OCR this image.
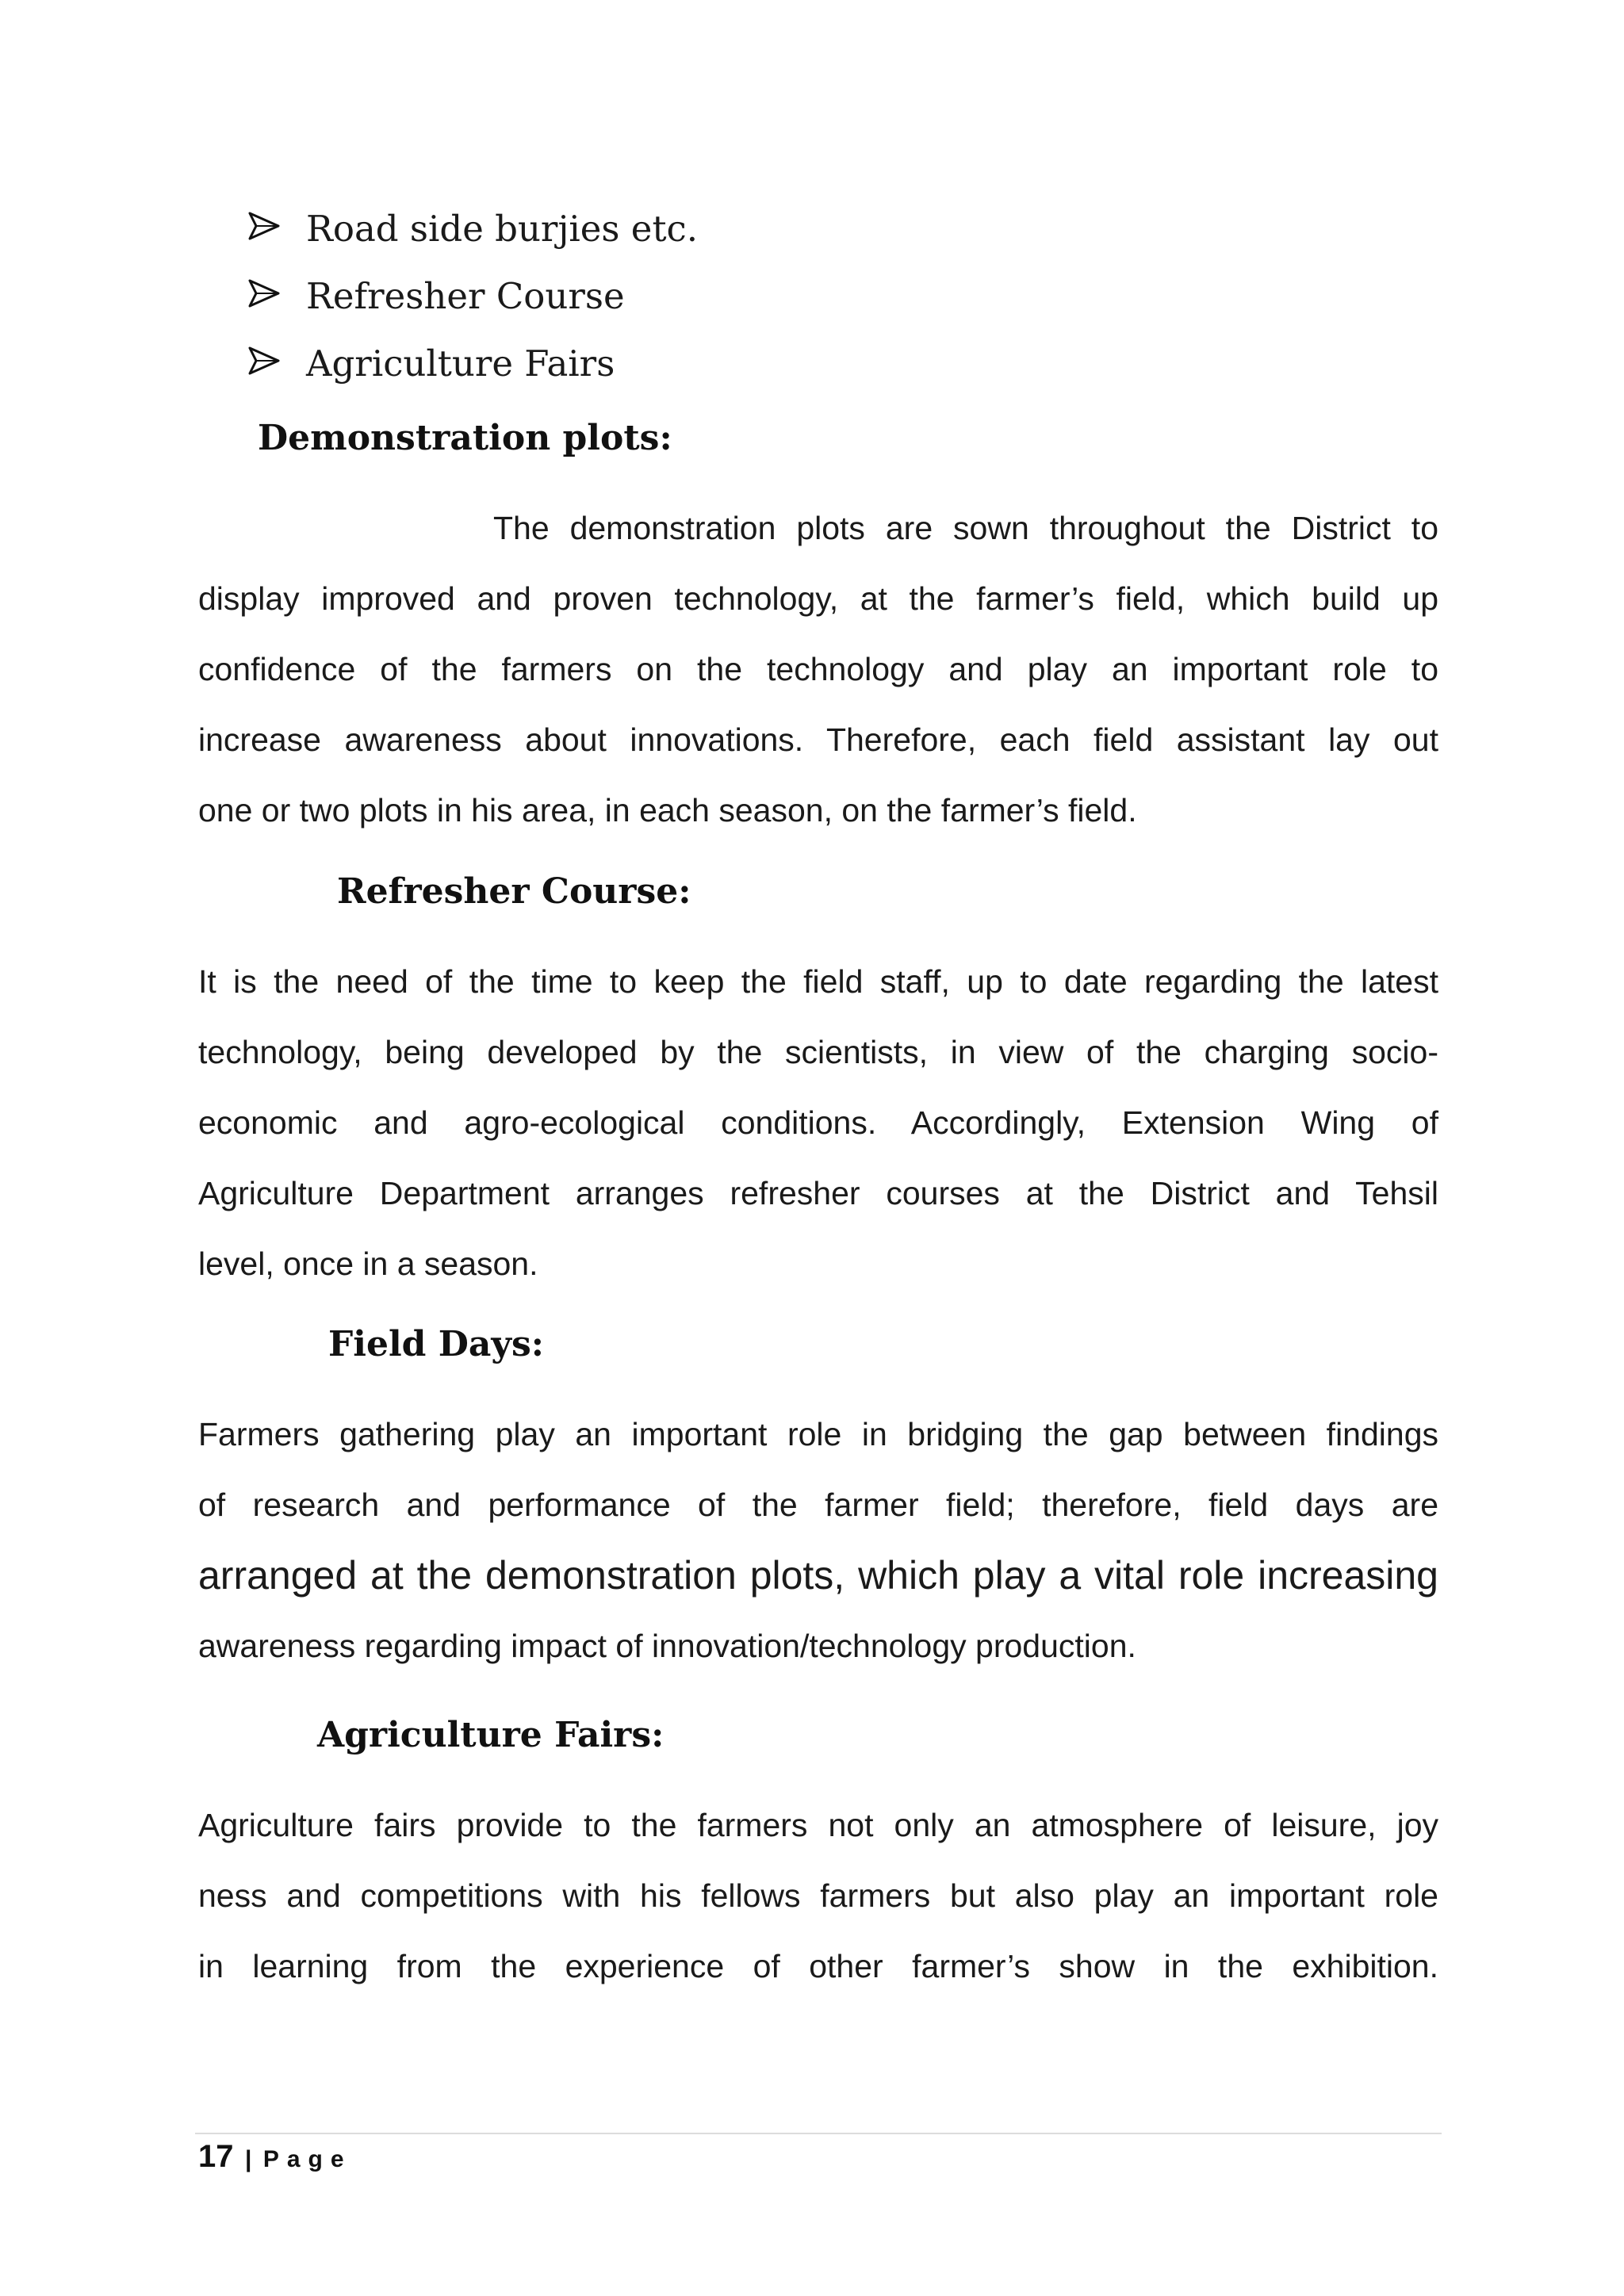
Road side burjies etc.
Refresher Course
Agriculture Fairs
Demonstration plots:
The demonstration plots are sown throughout the District to
display improved and proven technology, at the farmer’s field, which build up
confidence of the farmers on the technology and play an important role to
increase awareness about innovations. Therefore, each field assistant lay out
one or two plots in his area, in each season, on the farmer’s field.
Refresher Course:
It is the need of the time to keep the field staff, up to date regarding the latest
technology, being developed by the scientists, in view of the charging socio-
economic and agro-ecological conditions. Accordingly, Extension Wing of
Agriculture Department arranges refresher courses at the District and Tehsil
level, once in a season.
Field Days:
Farmers gathering play an important role in bridging the gap between findings
of research and performance of the farmer field; therefore, field days are
arranged at the demonstration plots, which play a vital role increasing
awareness regarding impact of innovation/technology production.
Agriculture Fairs:
Agriculture fairs provide to the farmers not only an atmosphere of leisure, joy
ness and competitions with his fellows farmers but also play an important role
in learning from the experience of other farmer’s show in the exhibition.
17 | Page
